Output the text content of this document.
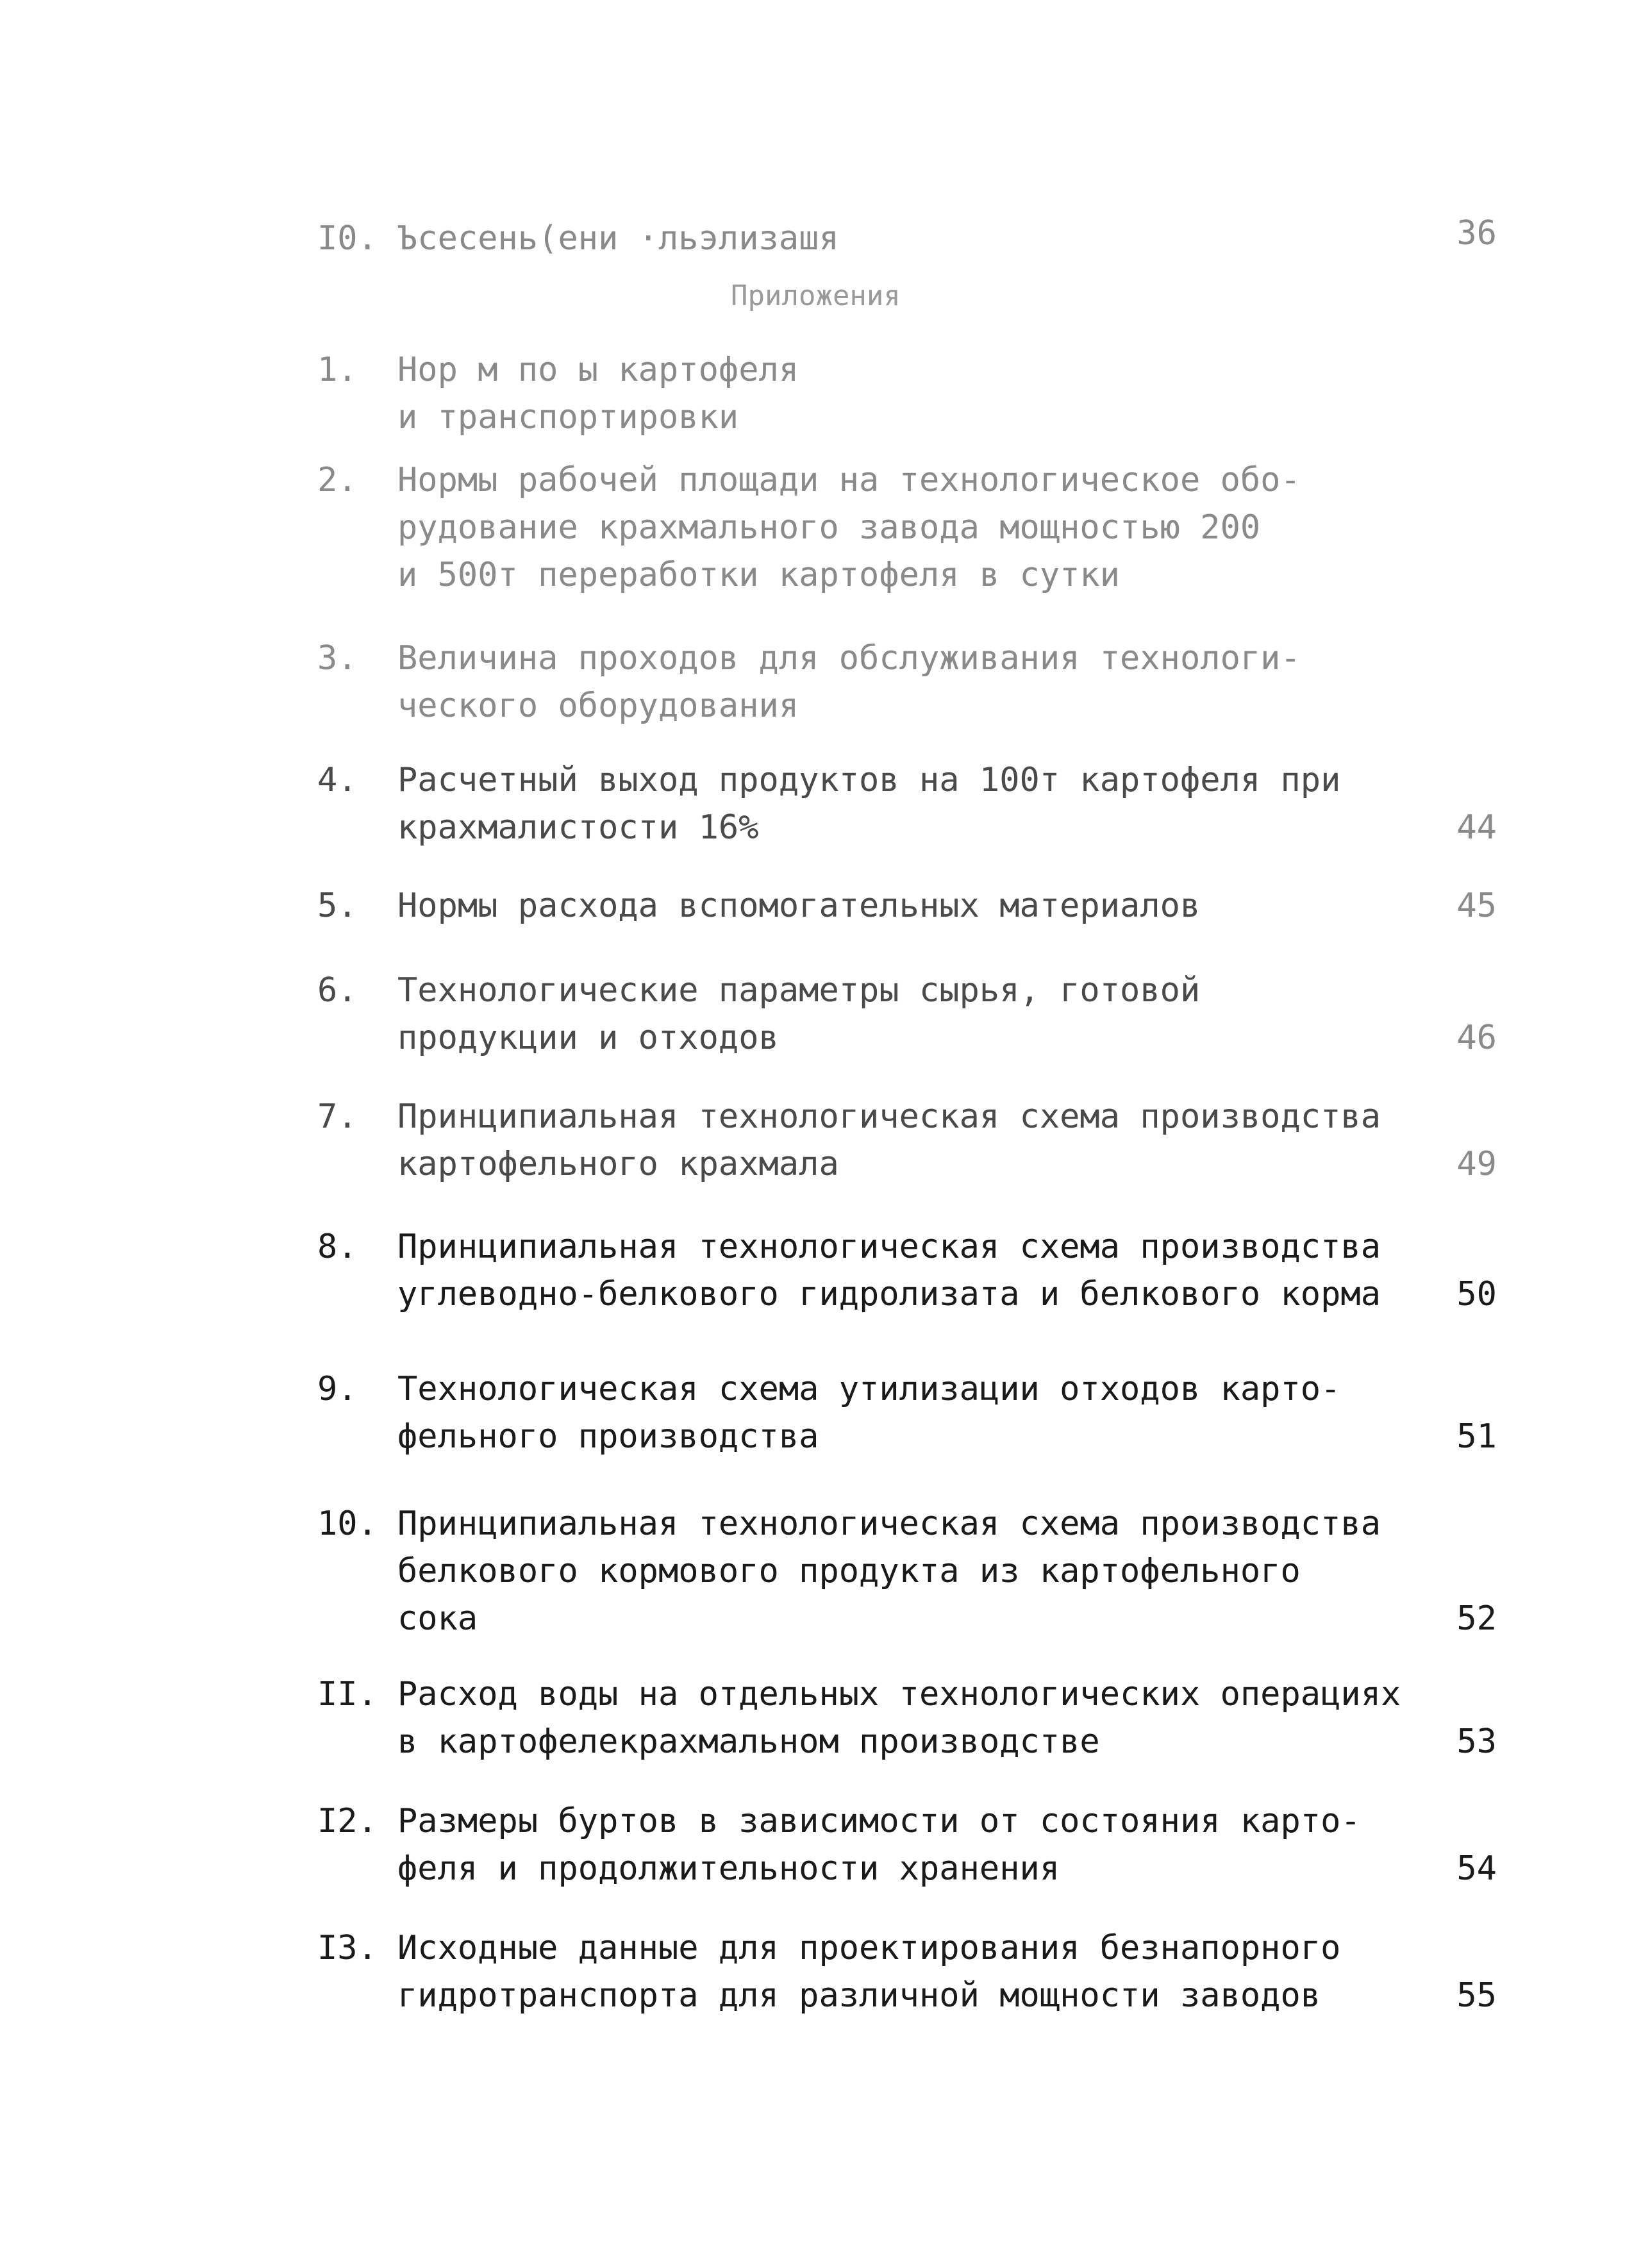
I0. Ъсесень(ени ·льэлизашя	36
Приложения
1. Нор м по ы картофеля
и транспортировки
2. Нормы рабочей площади на технологическое обо-
рудование крахмального завода мощностью 200
и 500т переработки картофеля в сутки
3. Величина проходов для обслуживания технологи-
ческого оборудования
4. Расчетный выход продуктов на 100т картофеля при
крахмалистости 16%	44
5. Нормы расхода вспомогательных материалов	45
6. Технологические параметры сырья, готовой
продукции и отходов	46
7. Принципиальная технологическая схема производства
картофельного крахмала	49
8. Принципиальная технологическая схема производства
углеводно-белкового гидролизата и белкового корма	50
9. Технологическая схема утилизации отходов карто-
фельного производства	51
10. Принципиальная технологическая схема производства
белкового кормового продукта из картофельного
сока	52
II. Расход воды на отдельных технологических операциях
в картофелекрахмальном производстве	53
I2. Размеры буртов в зависимости от состояния карто-
феля и продолжительности хранения	54
I3. Исходные данные для проектирования безнапорного
гидротранспорта для различной мощности заводов	55
